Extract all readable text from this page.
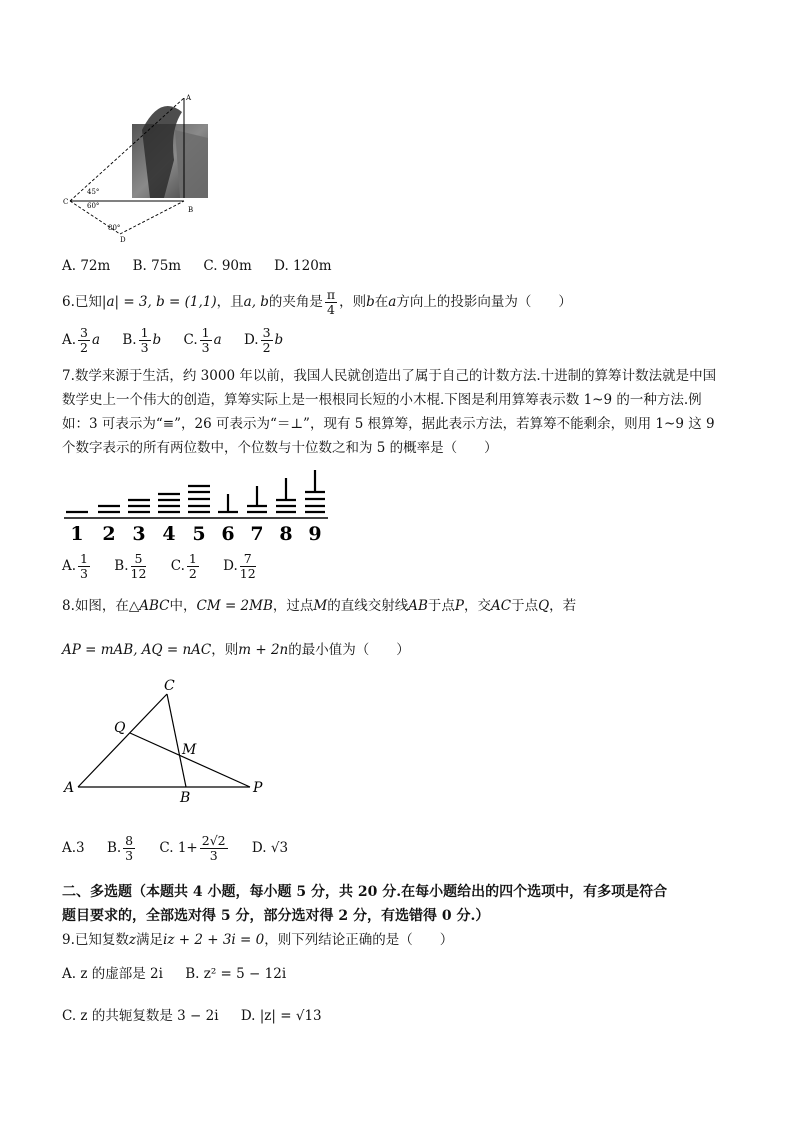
A
B
C
D
45°
60°
80°
A. 72m B. 75m C. 90m D. 120m
6.已知|a| = 3, b = (1,1)，且a, b的夹角是 $\frac{\pi}{4}$ ，则b在a方向上的投影向量为（　　）
A. $\frac{3}{2}$ a B. $\frac{1}{3}$ b C. $\frac{1}{3}$ a D. $\frac{3}{2}$ b
7.数学来源于生活，约 3000 年以前，我国人民就创造出了属于自己的计数方法.十进制的算筹计数法就是中国
数学史上一个伟大的创造，算筹实际上是一根根同长短的小木棍.下图是利用算筹表示数 1~9 的一种方法.例
如：3 可表示为“≡”，26 可表示为“＝⊥”，现有 5 根算筹，据此表示方法，若算筹不能剩余，则用 1~9 这 9
个数字表示的所有两位数中，个位数与十位数之和为 5 的概率是（　　）
1 2 3 4 5 6 7 8 9
A. $\frac{1}{3} B$. $\frac{5}{12} C$. $\frac{1}{2} D$. $\frac{7}{12}$
8.如图，在△ABC中，CM = 2MB，过点M的直线交射线AB于点P，交AC于点Q，若
AP = mAB, AQ = nAC，则m + 2n的最小值为（　　）
A
B
C
P
Q
M
A.3 B. $\frac{8}{3} C$. $1+ \frac{2√2}{3} D$. √3
二、多选题（本题共 4 小题，每小题 5 分，共 20 分.在每小题给出的四个选项中，有多项是符合
题目要求的，全部选对得 5 分，部分选对得 2 分，有选错得 0 分.）
9.已知复数z满足iz + 2 + 3i = 0，则下列结论正确的是（　　）
A. z 的虚部是 2i B. z² = 5 − 12i
C. z 的共轭复数是 3 − 2i D. |z| = √13
